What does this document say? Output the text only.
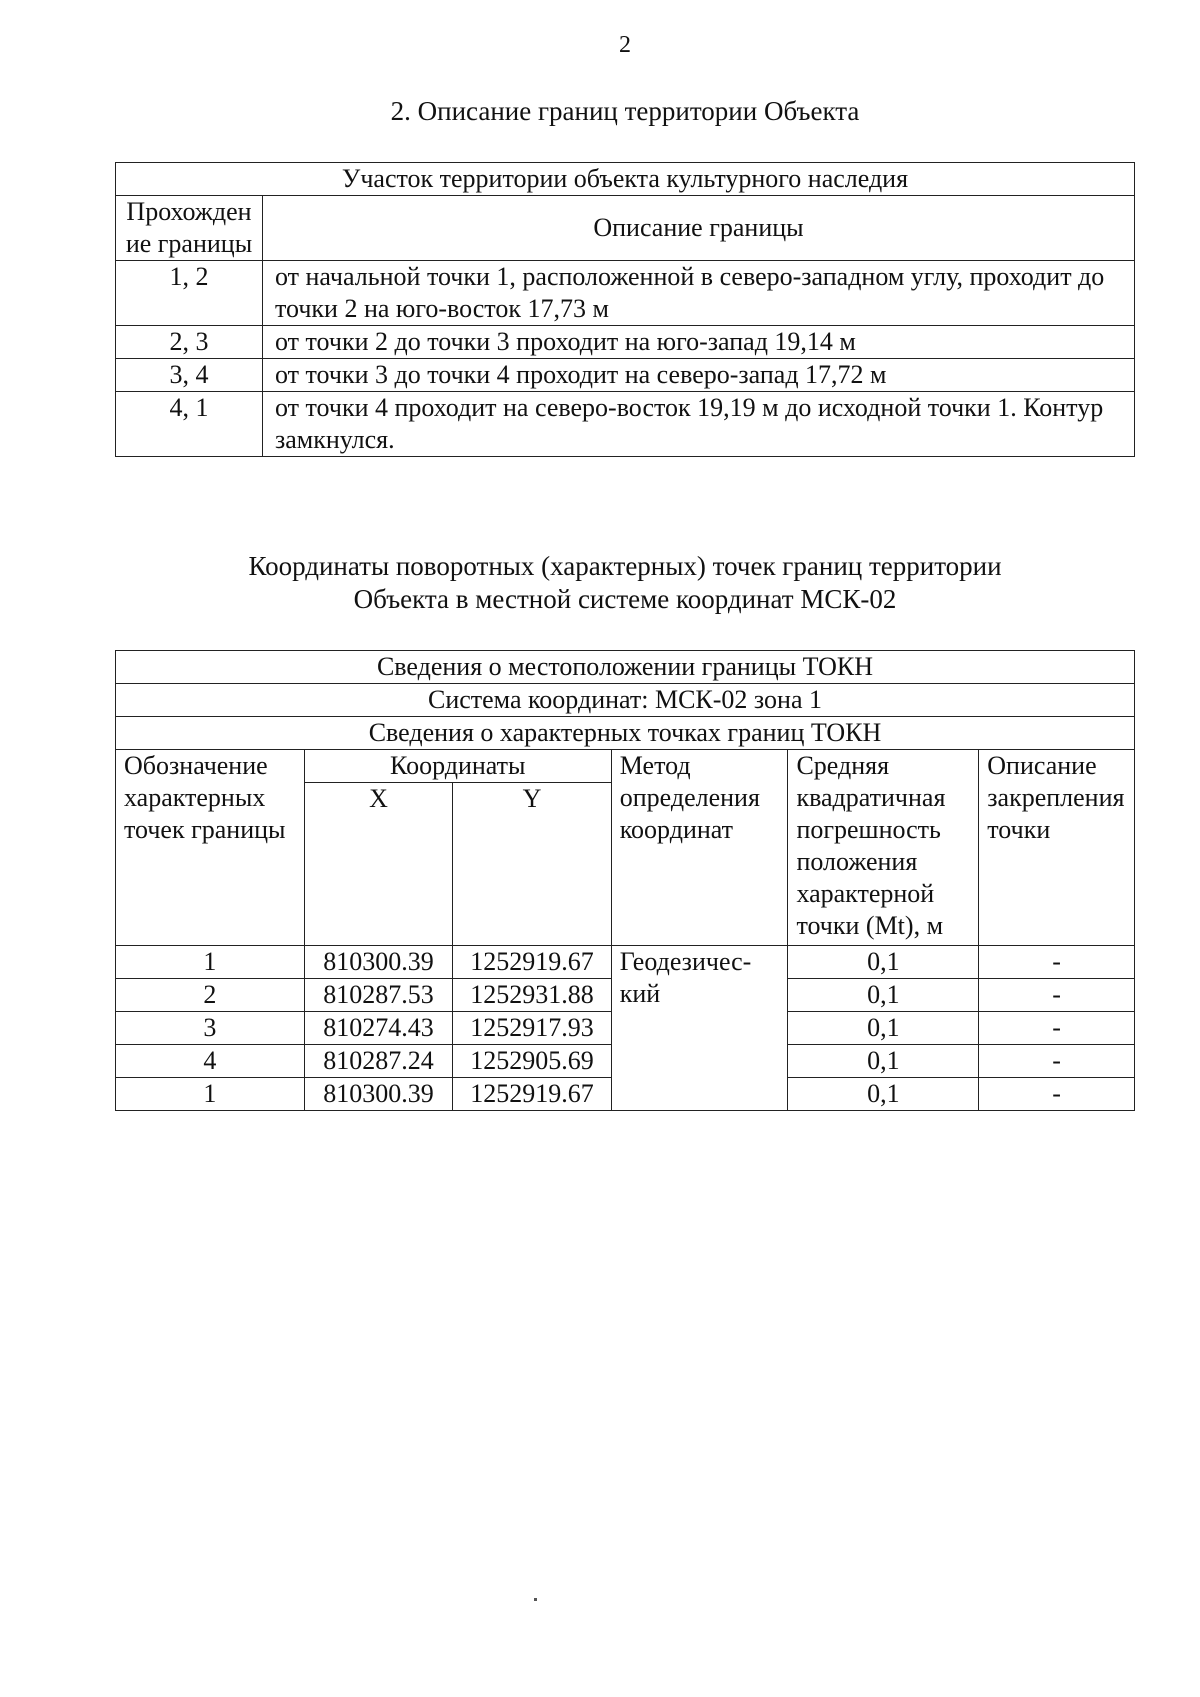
2
2. Описание границ территории Объекта
Участок территории объекта культурного наследия	
Прохождение границы	Описание границы
1, 2	от начальной точки 1, расположенной в северо-западном углу, проходит до точки 2 на юго-восток 17,73 м
2, 3	от точки 2 до точки 3 проходит на юго-запад 19,14 м
3, 4	от точки 3 до точки 4 проходит на северо-запад 17,72 м
4, 1	от точки 4 проходит на северо-восток 19,19 м до исходной точки 1. Контур замкнулся.
Координаты поворотных (характерных) точек границ территории
Объекта в местной системе координат МСК-02
Сведения о местоположении границы ТОКН					
Система координат: МСК-02 зона 1					
Сведения о характерных точках границ ТОКН					
Обозначение характерных точек границы	Координаты		Метод определения координат	Средняя квадратичная погрешность положения характерной точки (Mt), м	Описание закрепления точки
	X	Y			
1	810300.39	1252919.67	Геодезичес-кий	0,1	-
2	810287.53	1252931.88		0,1	-
3	810274.43	1252917.93		0,1	-
4	810287.24	1252905.69		0,1	-
1	810300.39	1252919.67		0,1	-
